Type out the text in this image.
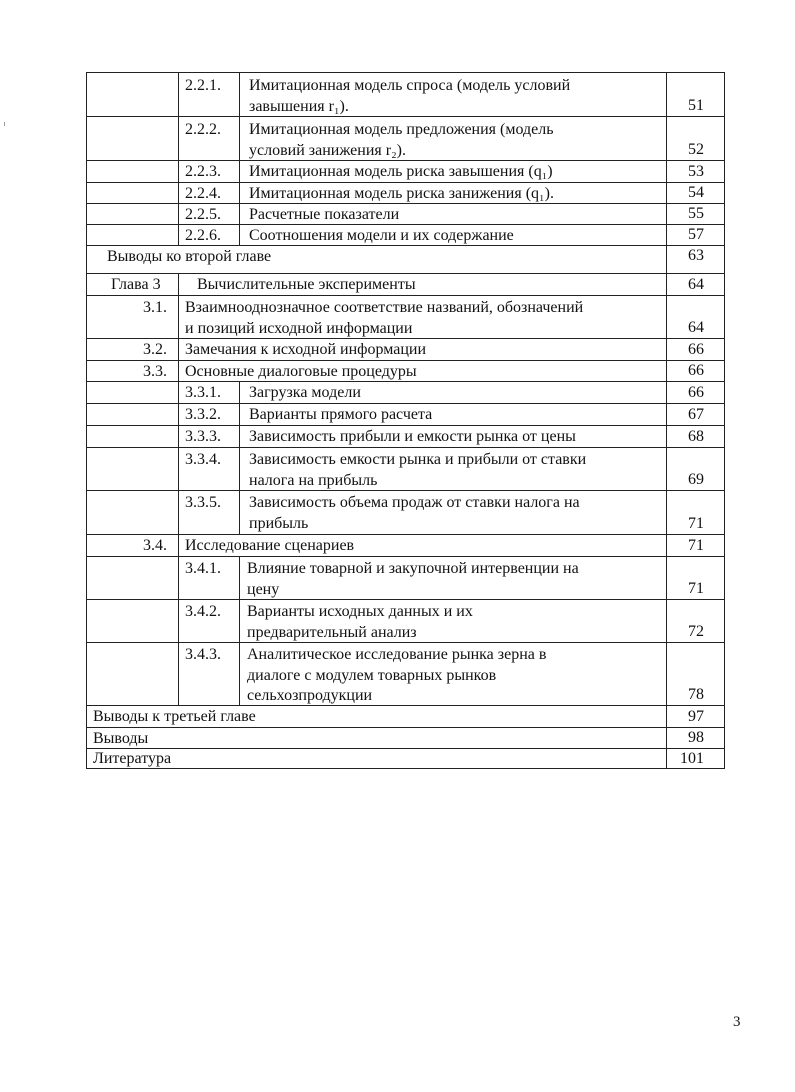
2.2.1. Имитационная модель спроса (модель условий
завышения r₁).	51
2.2.2. Имитационная модель предложения (модель
условий занижения r₂).	52
2.2.3. Имитационная модель риска завышения (q₁)	53
2.2.4. Имитационная модель риска занижения (q₁).	54
2.2.5. Расчетные показатели	55
2.2.6. Соотношения модели и их содержание	57
Выводы ко второй главе	63
Глава 3 Вычислительные эксперименты	64
3.1. Взаимнооднозначное соответствие названий, обозначений
и позиций исходной информации	64
3.2. Замечания к исходной информации	66
3.3. Основные диалоговые процедуры	66
3.3.1. Загрузка модели	66
3.3.2. Варианты прямого расчета	67
3.3.3. Зависимость прибыли и емкости рынка от цены	68
3.3.4. Зависимость емкости рынка и прибыли от ставки
налога на прибыль	69
3.3.5. Зависимость объема продаж от ставки налога на
прибыль	71
3.4. Исследование сценариев	71
3.4.1. Влияние товарной и закупочной интервенции на
цену	71
3.4.2. Варианты исходных данных и их
предварительный анализ	72
3.4.3. Аналитическое исследование рынка зерна в
диалоге с модулем товарных рынков
сельхозпродукции	78
Выводы к третьей главе	97
Выводы	98
Литература	101
3
